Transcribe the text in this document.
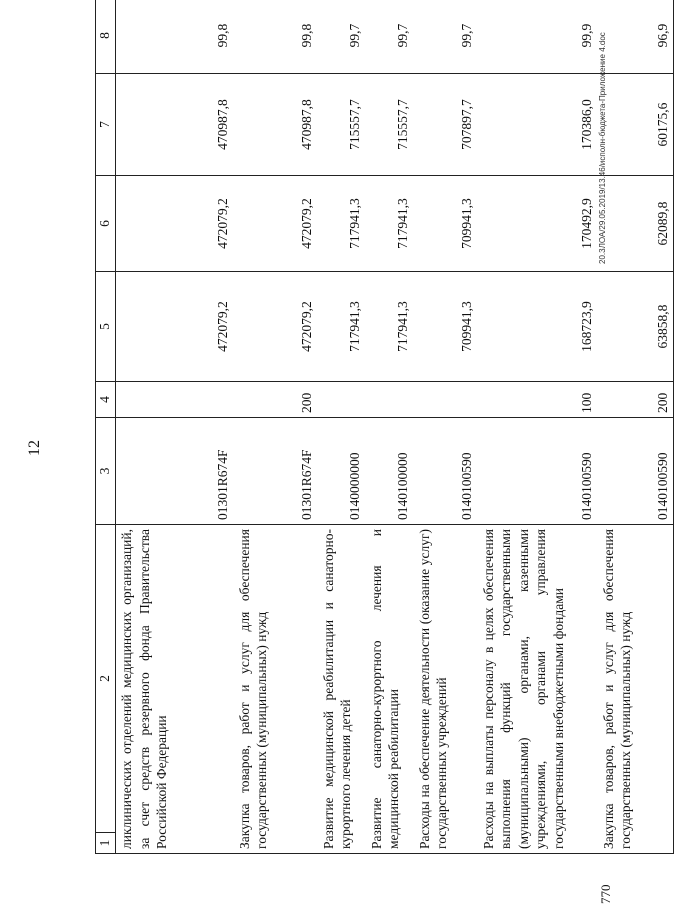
12
1	2	3	4	5	6	7	8
ликлинических отделений медицинских организаций, за счет средств резервного фонда Правительства Российской Федерации		01301R674F		472079,2	472079,2	470987,8	99,8
Закупка товаров, работ и услуг для обеспечения государственных (муниципальных) нужд		01301R674F	200	472079,2	472079,2	470987,8	99,8
Развитие медицинской реабилитации и санаторно-курортного лечения детей		0140000000		717941,3	717941,3	715557,7	99,7
Развитие санаторно-курортного лечения и медицинской реабилитации		0140100000		717941,3	717941,3	715557,7	99,7
Расходы на обеспечение деятельности (оказание услуг) государственных учреждений		0140100590		709941,3	709941,3	707897,7	99,7
Расходы на выплаты персоналу в целях обеспечения выполнения функций государственными (муниципальными) органами, казенными учреждениями, органами управления государственными внебюджетными фондами		0140100590	100	168723,9	170492,9	170386,0	99,9
Закупка товаров, работ и услуг для обеспечения государственных (муниципальных) нужд		0140100590	200	63858,8	62089,8	60175,6	96,9
770
20.3ЛОА/29.05.2019/13.46/исполн-бюджета-Приложение 4.doc
